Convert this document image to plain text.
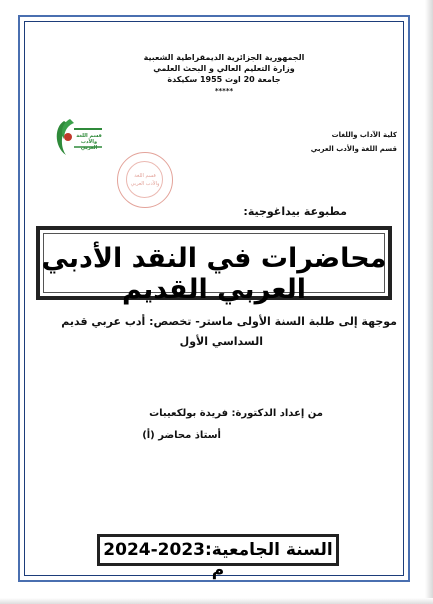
الجمهورية الجزائرية الديمقراطية الشعبية
وزارة التعليم العالي و البحث العلمي
جامعة 20 اوت 1955 سكيكدة
*****
كلية الآداب واللغات
قسم اللغة والأدب العربي
قسم اللغة والأدب العربي
قسم اللغة
والأدب العربي
مطبوعة بيداغوجية:
محاضرات في النقد الأدبي العربي القديم
موجهة إلى طلبة السنة الأولى ماستر- تخصص: أدب عربي قديم
السداسي الأول
من إعداد الدكتورة: فريدة بولكعيبات
أستاذ محاضر (أ)
السنة الجامعية:2023-2024 م
